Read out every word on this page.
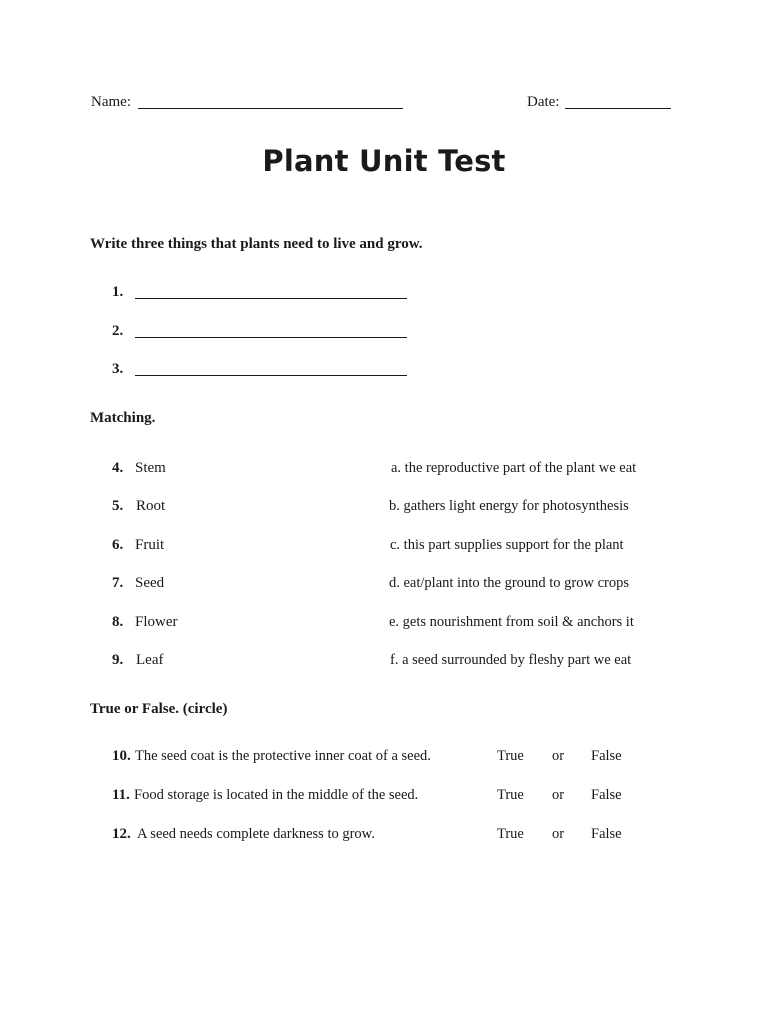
Name:	Date:
Plant Unit Test
Write three things that plants need to live and grow.
1.
2.
3.
Matching.
4. Stem	a. the reproductive part of the plant we eat
5. Root	b. gathers light energy for photosynthesis
6. Fruit	c. this part supplies support for the plant
7. Seed	d. eat/plant into the ground to grow crops
8. Flower	e. gets nourishment from soil & anchors it
9. Leaf	f. a seed surrounded by fleshy part we eat
True or False. (circle)
10. The seed coat is the protective inner coat of a seed.	True or False
11. Food storage is located in the middle of the seed.	True or False
12. A seed needs complete darkness to grow.	True or False
